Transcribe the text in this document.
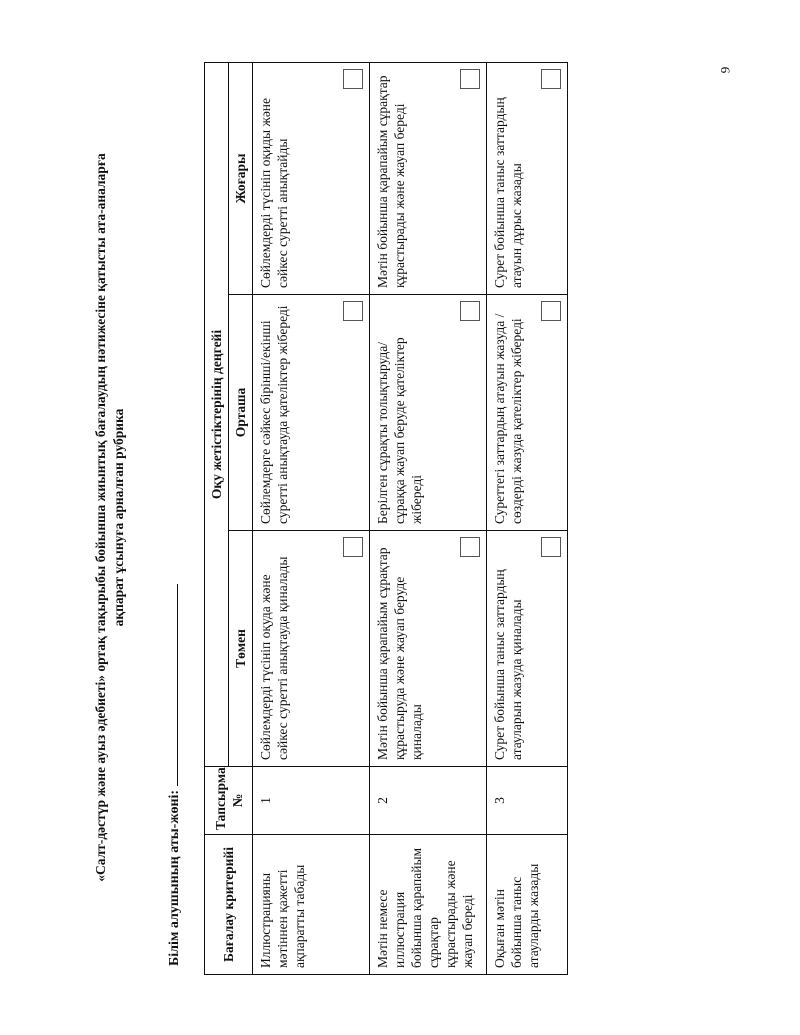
9
«Салт-дәстүр және ауыз әдебиеті» ортақ тақырыбы бойынша жиынтық бағалаудың нәтижесіне қатысты ата-аналарға ақпарат ұсынуға арналған рубрика
Білім алушының аты-жөні:	Бағалау критерийі	Тапсырма №	Оқу жетістіктерінің деңгейі		
		Төмен	Орташа	Жоғары
Иллюстрацияны мәтіннен қажетті ақпаратты табады	1	Сөйлемдерді түсініп оқуда және сәйкес суретті анықтауда қиналады	Сөйлемдерге сәйкес бірінші/екінші суретті анықтауда қателіктер жібереді	Сөйлемдерді түсініп оқиды және сәйкес суретті анықтайды

Мәтін немесе иллюстрация бойынша қарапайым сұрақтар құрастырады және жауап береді	2	Мәтін бойынша қарапайым сұрақтар құрастыруда және жауап беруде қиналады	Берілген сұрақты толықтыруда/ сұраққа жауап беруде қателіктер жібереді	Мәтін бойынша қарапайым сұрақтар құрастырады және жауап береді

Оқыған мәтін бойынша таныс атауларды жазады	3	Сурет бойынша таныс заттардың атауларын жазуда қиналады	Суреттегі заттардың атауын жазуда / сөздерді жазуда қателіктер жібереді	Сурет бойынша таныс заттардың атауын дұрыс жазады
